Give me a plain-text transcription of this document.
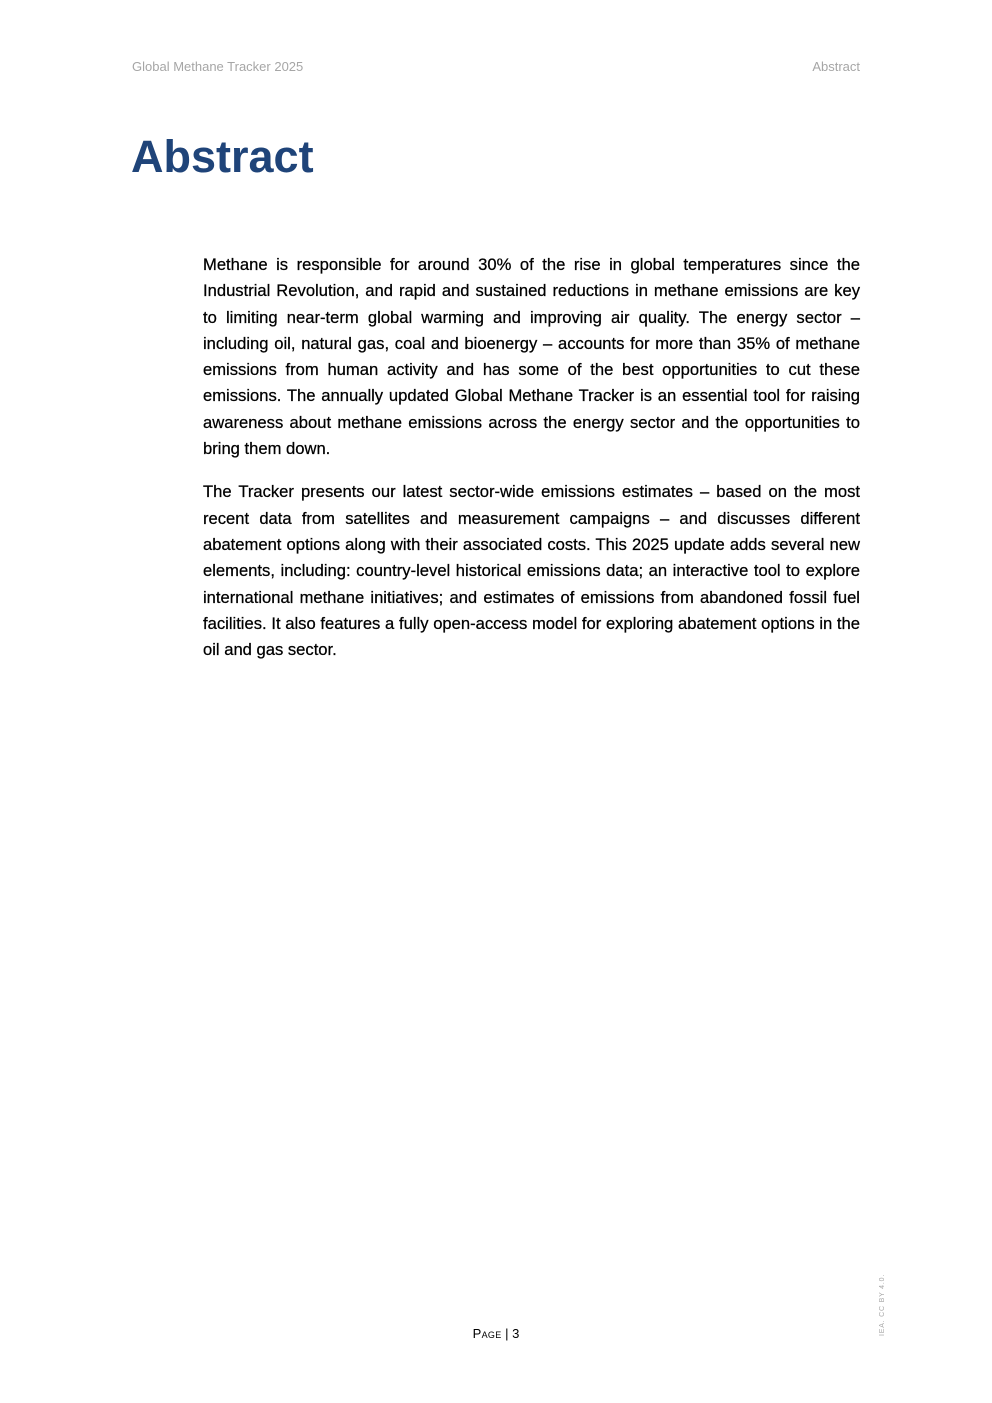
Global Methane Tracker 2025	Abstract
Abstract

Methane is responsible for around 30% of the rise in global temperatures since the Industrial Revolution, and rapid and sustained reductions in methane emissions are key to limiting near-term global warming and improving air quality. The energy sector – including oil, natural gas, coal and bioenergy – accounts for more than 35% of methane emissions from human activity and has some of the best opportunities to cut these emissions. The annually updated Global Methane Tracker is an essential tool for raising awareness about methane emissions across the energy sector and the opportunities to bring them down.

The Tracker presents our latest sector-wide emissions estimates – based on the most recent data from satellites and measurement campaigns – and discusses different abatement options along with their associated costs. This 2025 update adds several new elements, including: country-level historical emissions data; an interactive tool to explore international methane initiatives; and estimates of emissions from abandoned fossil fuel facilities. It also features a fully open-access model for exploring abatement options in the oil and gas sector.

Page | 3	IEA. CC BY 4.0.
